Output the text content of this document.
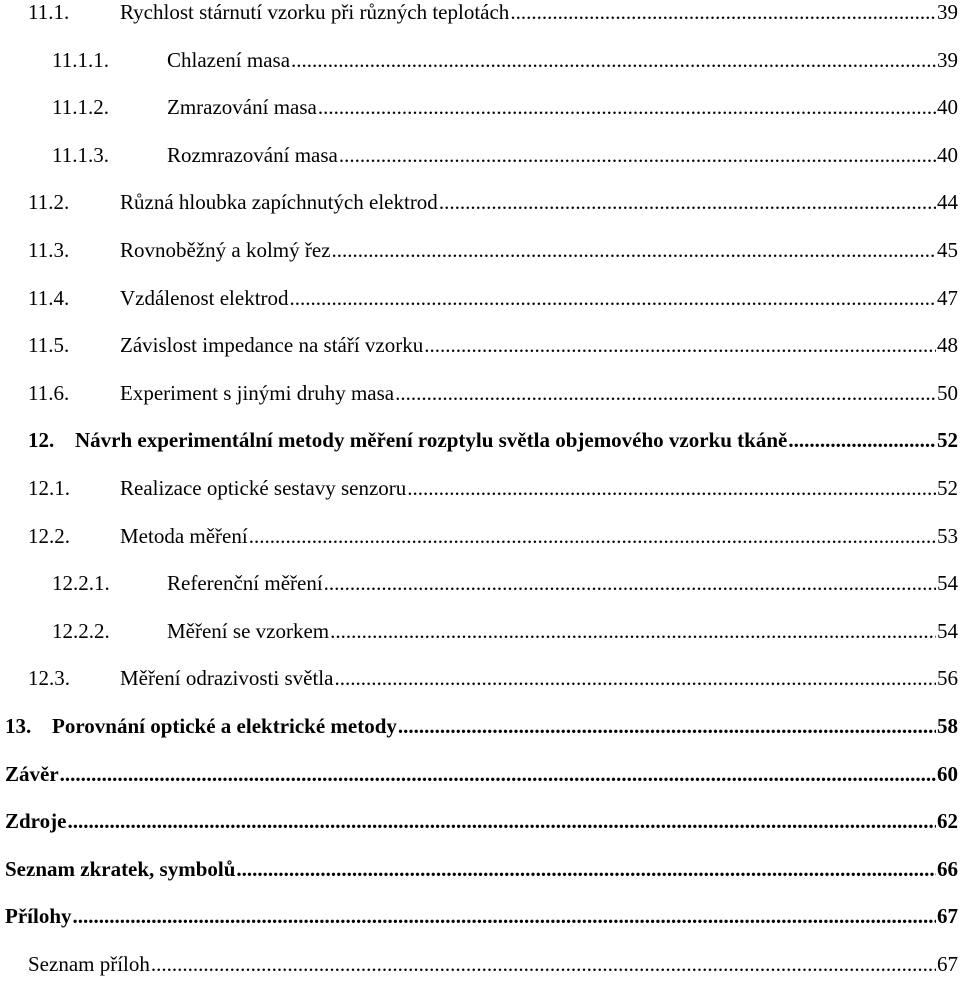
11.1.	Rychlost stárnutí vzorku při různých teplotách .....	39
11.1.1.	Chlazení masa .....	39
11.1.2.	Zmrazování masa .....	40
11.1.3.	Rozmrazování masa .....	40
11.2.	Různá hloubka zapíchnutých elektrod .....	44
11.3.	Rovnoběžný a kolmý řez .....	45
11.4.	Vzdálenost elektrod .....	47
11.5.	Závislost impedance na stáří vzorku .....	48
11.6.	Experiment s jinými druhy masa .....	50
12. Návrh experimentální metody měření rozptylu světla objemového vzorku tkáně .....	52
12.1.	Realizace optické sestavy senzoru .....	52
12.2.	Metoda měření .....	53
12.2.1.	Referenční měření .....	54
12.2.2.	Měření se vzorkem .....	54
12.3.	Měření odrazivosti světla .....	56
13. Porovnání optické a elektrické metody .....	58
Závěr .....	60
Zdroje .....	62
Seznam zkratek, symbolů .....	66
Přílohy .....	67
Seznam příloh .....	67
